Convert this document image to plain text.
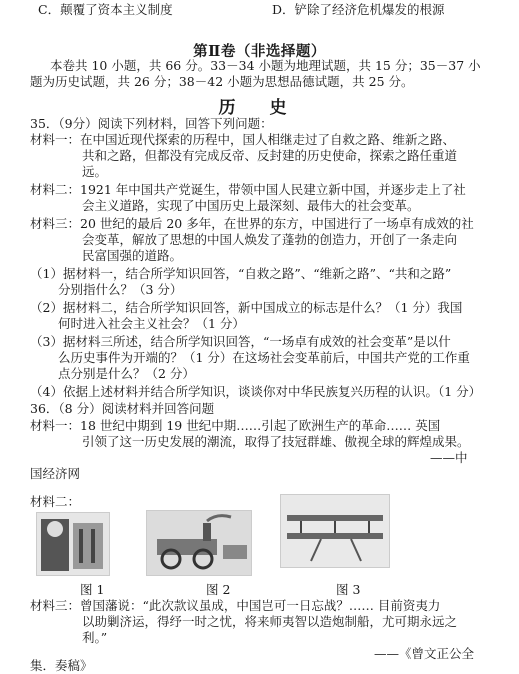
C．颠覆了资本主义制度	D．铲除了经济危机爆发的根源
第Ⅱ卷（非选择题）
本卷共 10 小题，共 66 分。33－34 小题为地理试题，共 15 分；35－37 小
题为历史试题，共 26 分；38－42 小题为思想品德试题，共 25 分。
历 史
35．（9分）阅读下列材料，回答下列问题：
材料一：在中国近现代探索的历程中，国人相继走过了自救之路、维新之路、
共和之路，但都没有完成反帝、反封建的历史使命，探索之路任重道
远。
材料二：1921 年中国共产党诞生，带领中国人民建立新中国，并逐步走上了社
会主义道路，实现了中国历史上最深刻、最伟大的社会变革。
材料三：20 世纪的最后 20 多年，在世界的东方，中国进行了一场卓有成效的社
会变革，解放了思想的中国人焕发了蓬勃的创造力，开创了一条走向
民富国强的道路。
（1）据材料一，结合所学知识回答，“自救之路”、“维新之路”、“共和之路”
分别指什么？（3 分）
（2）据材料二，结合所学知识回答，新中国成立的标志是什么？（1 分）我国
何时进入社会主义社会？（1 分）
（3）据材料三所述，结合所学知识回答，“一场卓有成效的社会变革”是以什
么历史事件为开端的？（1 分）在这场社会变革前后，中国共产党的工作重
点分别是什么？（2 分）
（4）依据上述材料并结合所学知识，谈谈你对中华民族复兴历程的认识。（1 分）
36．（8 分）阅读材料并回答问题
材料一：18 世纪中期到 19 世纪中期……引起了欧洲生产的革命…… 英国
引领了这一历史发展的潮流，取得了技冠群雄、傲视全球的辉煌成果。
——中
国经济网
材料二：
图 1	图 2	图 3
材料三：曾国藩说：“此次款议虽成，中国岂可一日忘战？…… 目前资夷力
以助剿济运，得纾一时之忧，将来师夷智以造炮制船，尤可期永远之
利。”
——《曾文正公全
集．奏稿》
